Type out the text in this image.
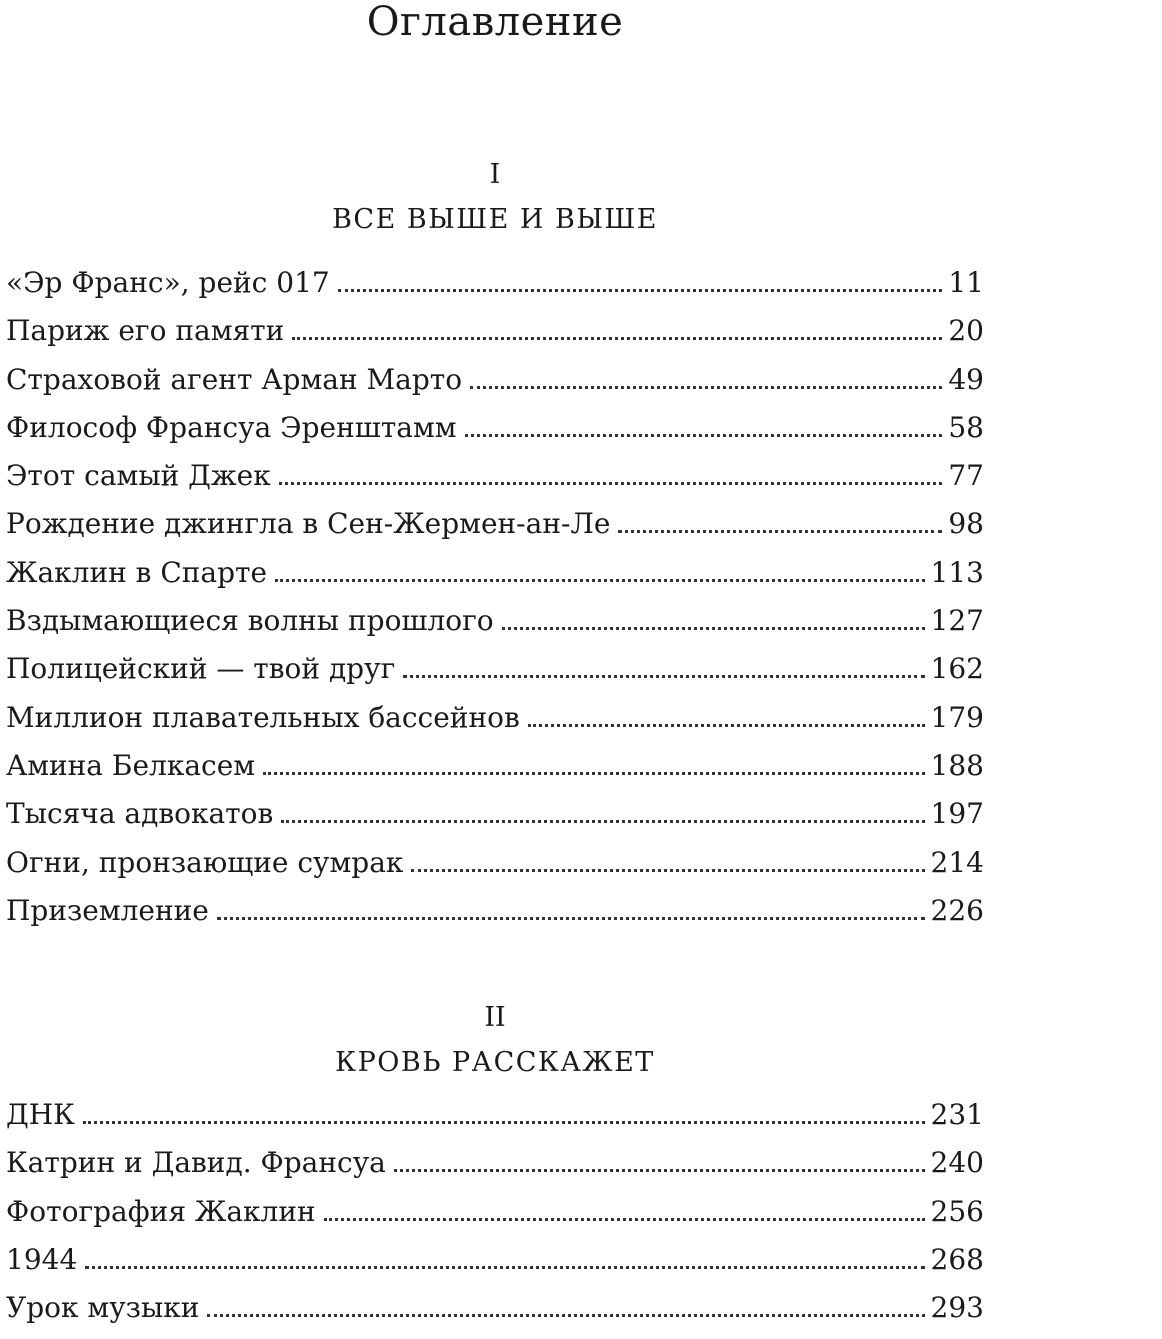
Оглавление
I
ВСЕ ВЫШЕ И ВЫШЕ
«Эр Франс», рейс 017	11
Париж его памяти	20
Страховой агент Арман Марто	49
Философ Франсуа Эренштамм	58
Этот самый Джек	77
Рождение джингла в Сен-Жермен-ан-Ле	98
Жаклин в Спарте	113
Вздымающиеся волны прошлого	127
Полицейский — твой друг	162
Миллион плавательных бассейнов	179
Амина Белкасем	188
Тысяча адвокатов	197
Огни, пронзающие сумрак	214
Приземление	226
II
КРОВЬ РАССКАЖЕТ
ДНК	231
Катрин и Давид. Франсуа	240
Фотография Жаклин	256
1944	268
Урок музыки	293
